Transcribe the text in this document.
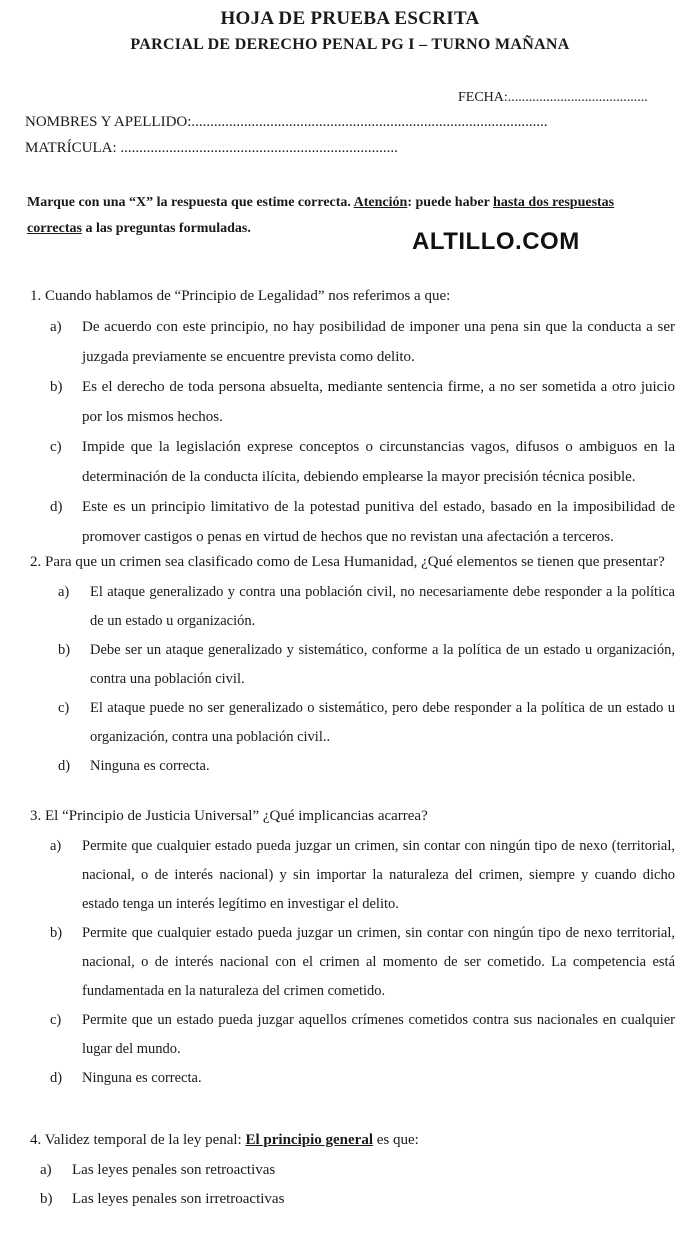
HOJA DE PRUEBA ESCRITA
PARCIAL DE DERECHO PENAL PG I – TURNO MAÑANA
FECHA:........................................
NOMBRES Y APELLIDO:...............................................................................................
MATRÍCULA: ..........................................................................
Marque con una “X” la respuesta que estime correcta. Atención: puede haber hasta dos respuestas correctas a las preguntas formuladas.	ALTILLO.COM
1. Cuando hablamos de “Principio de Legalidad” nos referimos a que:
a)	De acuerdo con este principio, no hay posibilidad de imponer una pena sin que la conducta a ser juzgada previamente se encuentre prevista como delito.
b)	Es el derecho de toda persona absuelta, mediante sentencia firme, a no ser sometida a otro juicio por los mismos hechos.
c)	Impide que la legislación exprese conceptos o circunstancias vagos, difusos o ambiguos en la determinación de la conducta ilícita, debiendo emplearse la mayor precisión técnica posible.
d)	Este es un principio limitativo de la potestad punitiva del estado, basado en la imposibilidad de promover castigos o penas en virtud de hechos que no revistan una afectación a terceros.
2. Para que un crimen sea clasificado como de Lesa Humanidad, ¿Qué elementos se tienen que presentar?
a)	El ataque generalizado y contra una población civil, no necesariamente debe responder a la política de un estado u organización.
b)	Debe ser un ataque generalizado y sistemático, conforme a la política de un estado u organización, contra una población civil.
c)	El ataque puede no ser generalizado o sistemático, pero debe responder a la política de un estado u organización, contra una población civil..
d)	Ninguna es correcta.
3. El “Principio de Justicia Universal” ¿Qué implicancias acarrea?
a)	Permite que cualquier estado pueda juzgar un crimen, sin contar con ningún tipo de nexo (territorial, nacional, o de interés nacional) y sin importar la naturaleza del crimen, siempre y cuando dicho estado tenga un interés legítimo en investigar el delito.
b)	Permite que cualquier estado pueda juzgar un crimen, sin contar con ningún tipo de nexo territorial, nacional, o de interés nacional con el crimen al momento de ser cometido. La competencia está fundamentada en la naturaleza del crimen cometido.
c)	Permite que un estado pueda juzgar aquellos crímenes cometidos contra sus nacionales en cualquier lugar del mundo.
d)	Ninguna es correcta.
4. Validez temporal de la ley penal: El principio general es que:
a)	Las leyes penales son retroactivas
b)	Las leyes penales son irretroactivas
